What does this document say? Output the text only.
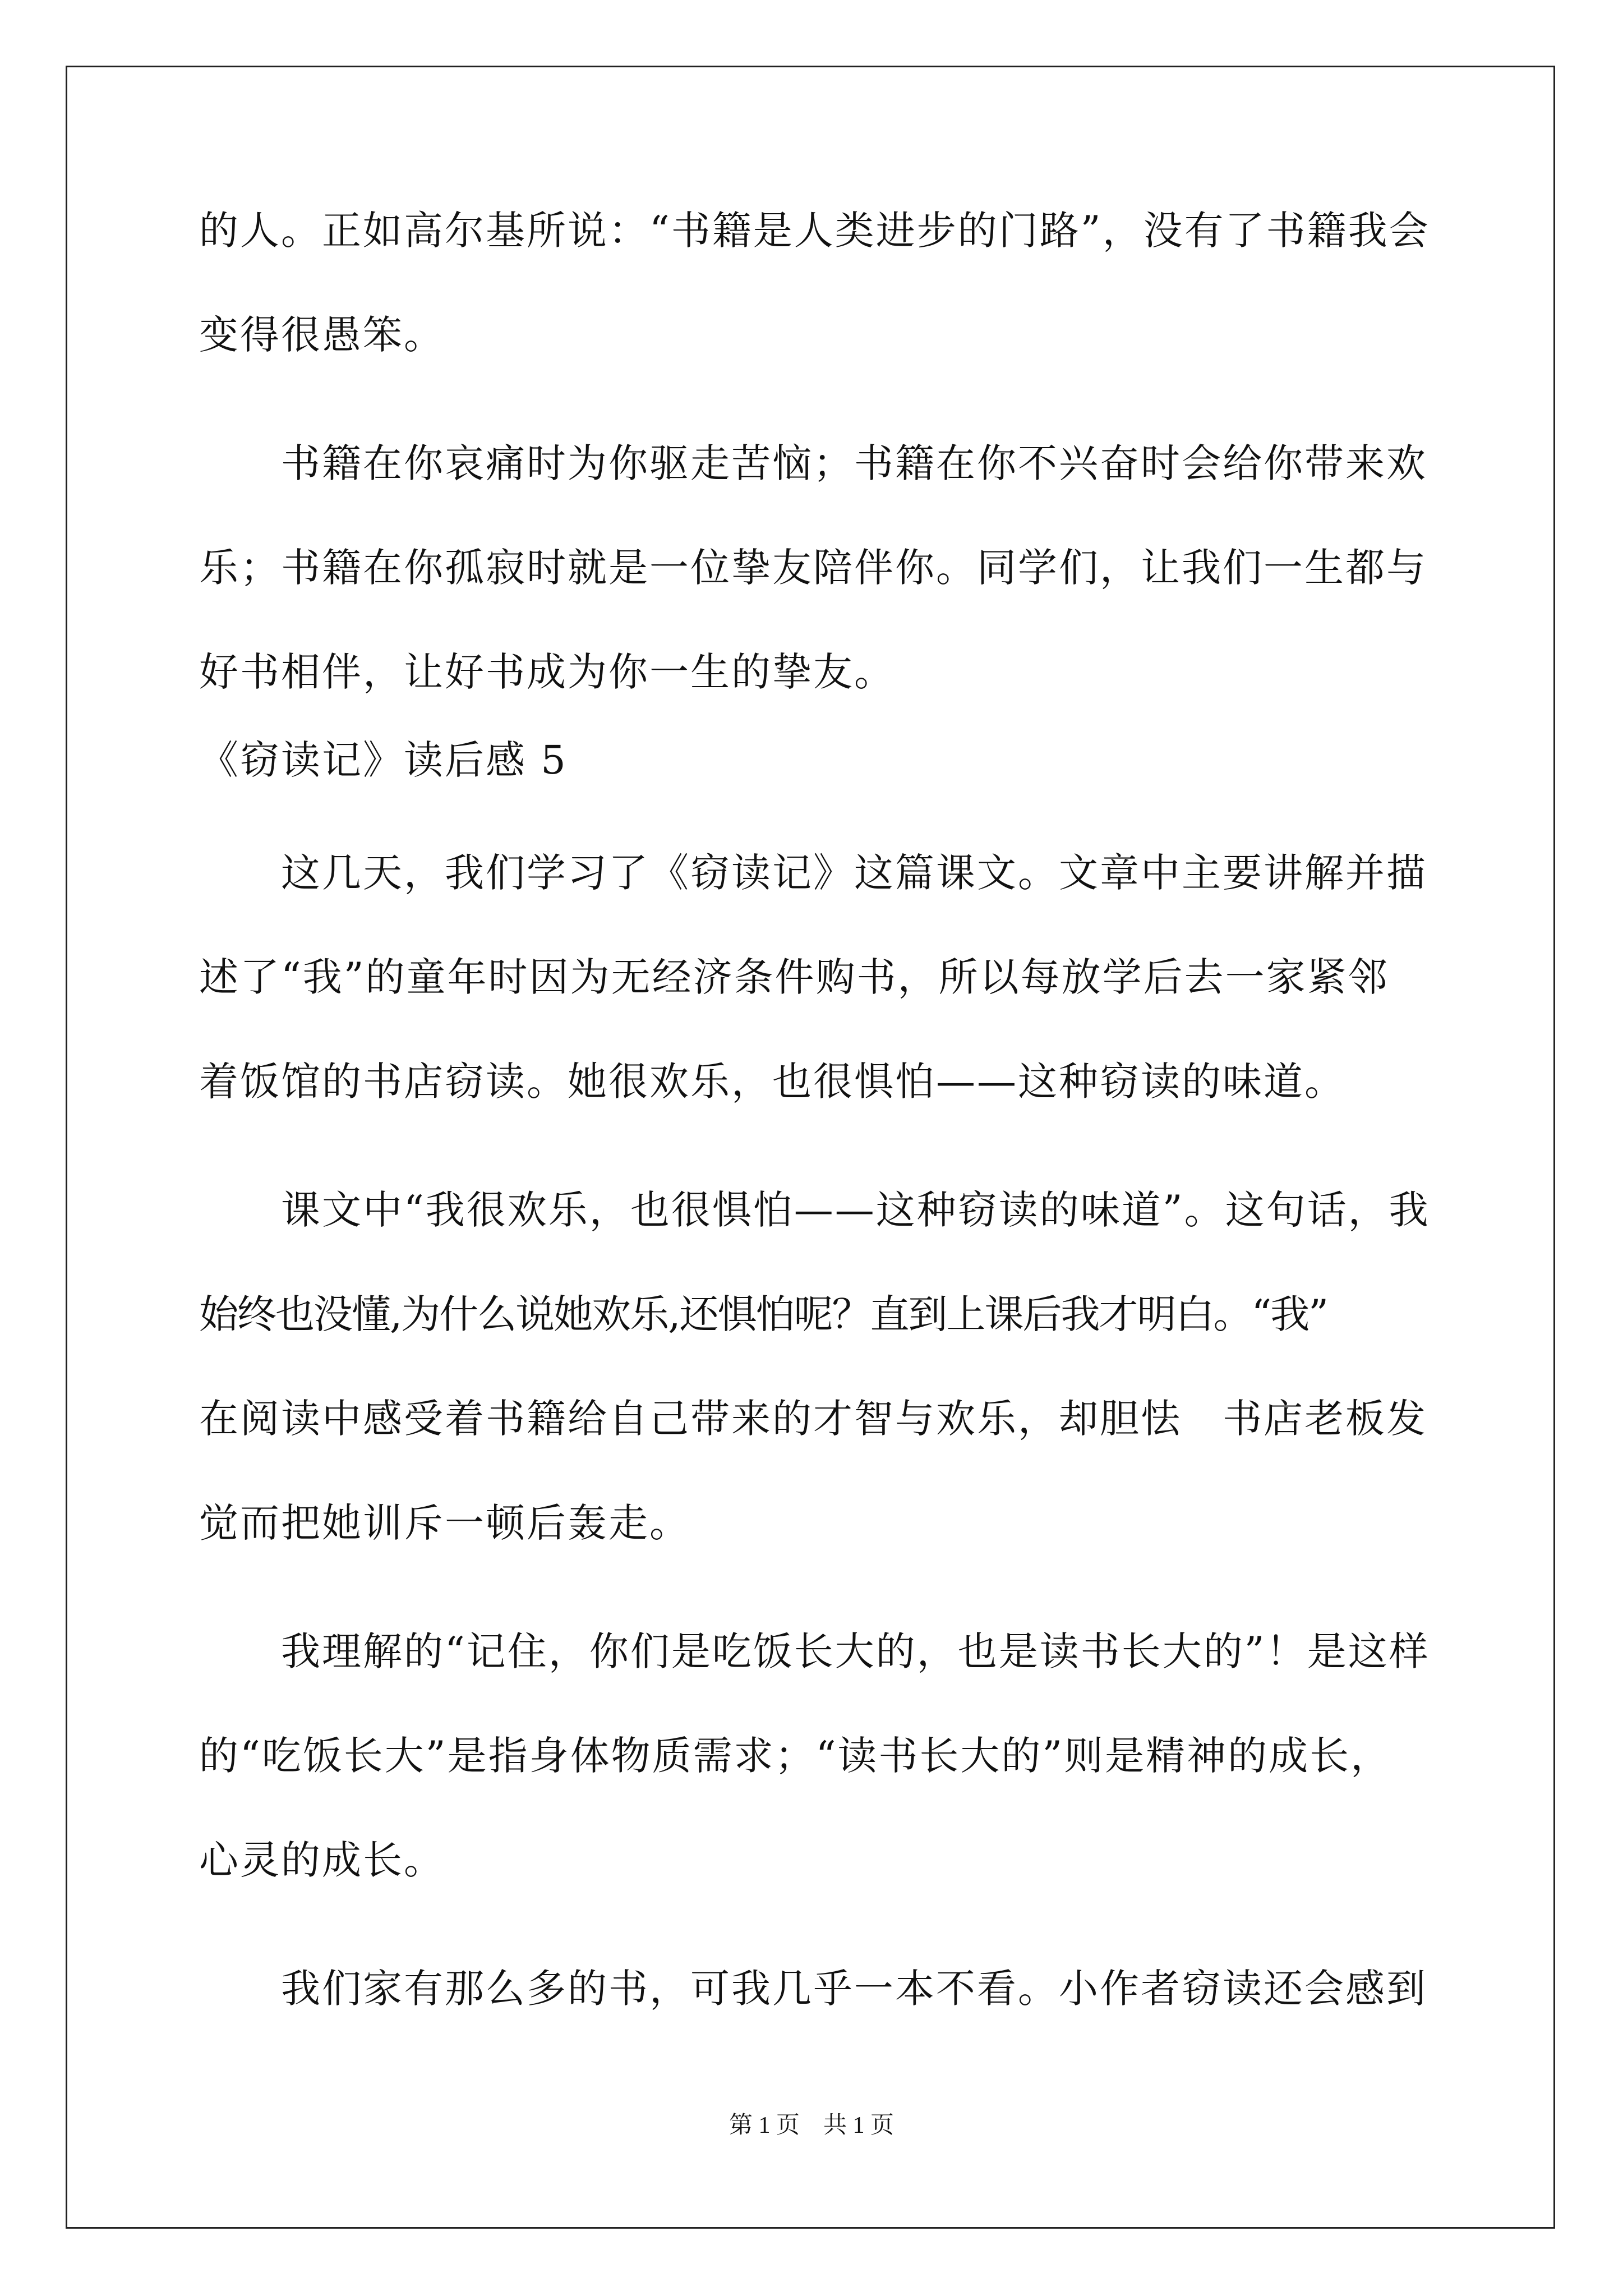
的人。正如高尔基所说：“书籍是人类进步的门路”，没有了书籍我会
变得很愚笨。
　　书籍在你哀痛时为你驱走苦恼；书籍在你不兴奋时会给你带来欢
乐；书籍在你孤寂时就是一位挚友陪伴你。同学们，让我们一生都与
好书相伴，让好书成为你一生的挚友。
《窃读记》读后感 5
　　这几天，我们学习了《窃读记》这篇课文。文章中主要讲解并描
述了“我”的童年时因为无经济条件购书，所以每放学后去一家紧邻
着饭馆的书店窃读。她很欢乐，也很惧怕——这种窃读的味道。
　　课文中“我很欢乐，也很惧怕——这种窃读的味道”。这句话，我
始终也没懂,为什么说她欢乐,还惧怕呢？直到上课后我才明白。“我”
在阅读中感受着书籍给自己带来的才智与欢乐，却胆怯　书店老板发
觉而把她训斥一顿后轰走。
　　我理解的“记住，你们是吃饭长大的，也是读书长大的”！是这样
的“吃饭长大”是指身体物质需求；“读书长大的”则是精神的成长，
心灵的成长。
　　我们家有那么多的书，可我几乎一本不看。小作者窃读还会感到
第 1 页　共 1 页
